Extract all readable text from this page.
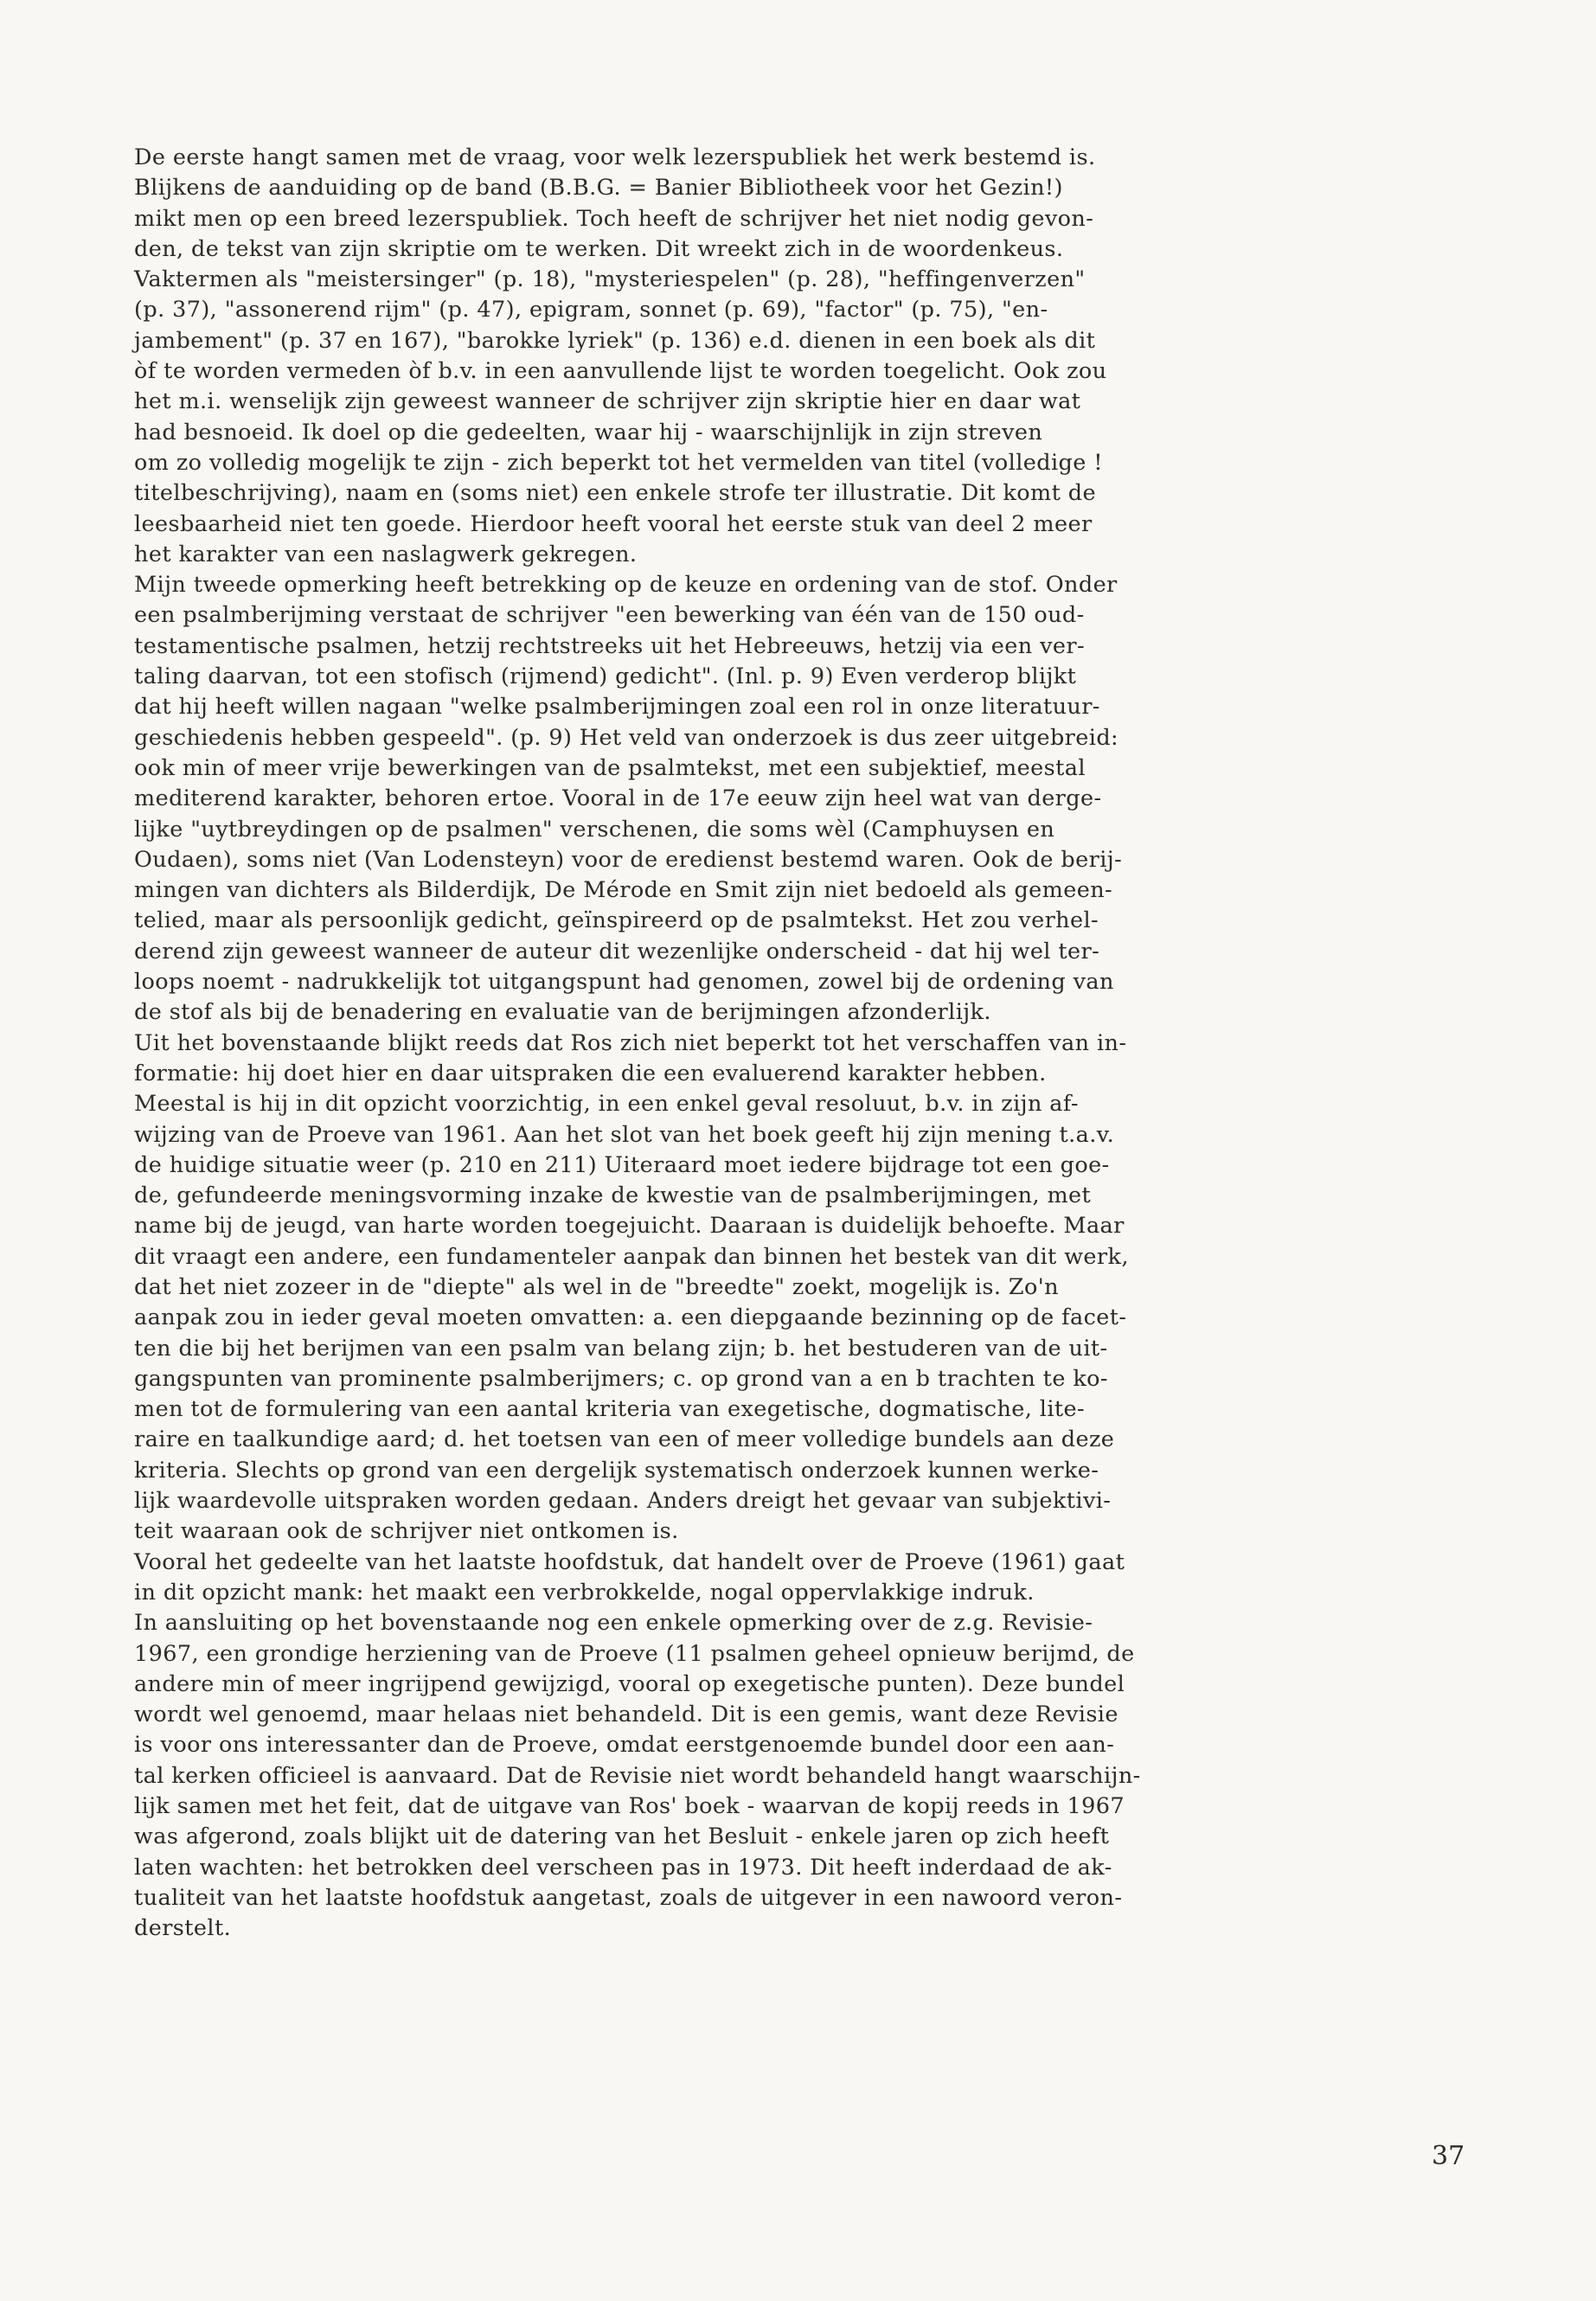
De eerste hangt samen met de vraag, voor welk lezerspubliek het werk bestemd is.
Blijkens de aanduiding op de band (B.B.G. = Banier Bibliotheek voor het Gezin!)
mikt men op een breed lezerspubliek. Toch heeft de schrijver het niet nodig gevon-
den, de tekst van zijn skriptie om te werken. Dit wreekt zich in de woordenkeus.
Vaktermen als "meistersinger" (p. 18), "mysteriespelen" (p. 28), "heffingenverzen"
(p. 37), "assonerend rijm" (p. 47), epigram, sonnet (p. 69), "factor" (p. 75), "en-
jambement" (p. 37 en 167), "barokke lyriek" (p. 136) e.d. dienen in een boek als dit
òf te worden vermeden òf b.v. in een aanvullende lijst te worden toegelicht. Ook zou
het m.i. wenselijk zijn geweest wanneer de schrijver zijn skriptie hier en daar wat
had besnoeid. Ik doel op die gedeelten, waar hij - waarschijnlijk in zijn streven
om zo volledig mogelijk te zijn - zich beperkt tot het vermelden van titel (volledige !
titelbeschrijving), naam en (soms niet) een enkele strofe ter illustratie. Dit komt de
leesbaarheid niet ten goede. Hierdoor heeft vooral het eerste stuk van deel 2 meer
het karakter van een naslagwerk gekregen.
Mijn tweede opmerking heeft betrekking op de keuze en ordening van de stof. Onder
een psalmberijming verstaat de schrijver "een bewerking van één van de 150 oud-
testamentische psalmen, hetzij rechtstreeks uit het Hebreeuws, hetzij via een ver-
taling daarvan, tot een stofisch (rijmend) gedicht". (Inl. p. 9) Even verderop blijkt
dat hij heeft willen nagaan "welke psalmberijmingen zoal een rol in onze literatuur-
geschiedenis hebben gespeeld". (p. 9) Het veld van onderzoek is dus zeer uitgebreid:
ook min of meer vrije bewerkingen van de psalmtekst, met een subjektief, meestal
mediterend karakter, behoren ertoe. Vooral in de 17e eeuw zijn heel wat van derge-
lijke "uytbreydingen op de psalmen" verschenen, die soms wèl (Camphuysen en
Oudaen), soms niet (Van Lodensteyn) voor de eredienst bestemd waren. Ook de berij-
mingen van dichters als Bilderdijk, De Mérode en Smit zijn niet bedoeld als gemeen-
telied, maar als persoonlijk gedicht, geïnspireerd op de psalmtekst. Het zou verhel-
derend zijn geweest wanneer de auteur dit wezenlijke onderscheid - dat hij wel ter-
loops noemt - nadrukkelijk tot uitgangspunt had genomen, zowel bij de ordening van
de stof als bij de benadering en evaluatie van de berijmingen afzonderlijk.
Uit het bovenstaande blijkt reeds dat Ros zich niet beperkt tot het verschaffen van in-
formatie: hij doet hier en daar uitspraken die een evaluerend karakter hebben.
Meestal is hij in dit opzicht voorzichtig, in een enkel geval resoluut, b.v. in zijn af-
wijzing van de Proeve van 1961. Aan het slot van het boek geeft hij zijn mening t.a.v.
de huidige situatie weer (p. 210 en 211) Uiteraard moet iedere bijdrage tot een goe-
de, gefundeerde meningsvorming inzake de kwestie van de psalmberijmingen, met
name bij de jeugd, van harte worden toegejuicht. Daaraan is duidelijk behoefte. Maar
dit vraagt een andere, een fundamenteler aanpak dan binnen het bestek van dit werk,
dat het niet zozeer in de "diepte" als wel in de "breedte" zoekt, mogelijk is. Zo'n
aanpak zou in ieder geval moeten omvatten: a. een diepgaande bezinning op de facet-
ten die bij het berijmen van een psalm van belang zijn; b. het bestuderen van de uit-
gangspunten van prominente psalmberijmers; c. op grond van a en b trachten te ko-
men tot de formulering van een aantal kriteria van exegetische, dogmatische, lite-
raire en taalkundige aard; d. het toetsen van een of meer volledige bundels aan deze
kriteria. Slechts op grond van een dergelijk systematisch onderzoek kunnen werke-
lijk waardevolle uitspraken worden gedaan. Anders dreigt het gevaar van subjektivi-
teit waaraan ook de schrijver niet ontkomen is.
Vooral het gedeelte van het laatste hoofdstuk, dat handelt over de Proeve (1961) gaat
in dit opzicht mank: het maakt een verbrokkelde, nogal oppervlakkige indruk.
In aansluiting op het bovenstaande nog een enkele opmerking over de z.g. Revisie-
1967, een grondige herziening van de Proeve (11 psalmen geheel opnieuw berijmd, de
andere min of meer ingrijpend gewijzigd, vooral op exegetische punten). Deze bundel
wordt wel genoemd, maar helaas niet behandeld. Dit is een gemis, want deze Revisie
is voor ons interessanter dan de Proeve, omdat eerstgenoemde bundel door een aan-
tal kerken officieel is aanvaard. Dat de Revisie niet wordt behandeld hangt waarschijn-
lijk samen met het feit, dat de uitgave van Ros' boek - waarvan de kopij reeds in 1967
was afgerond, zoals blijkt uit de datering van het Besluit - enkele jaren op zich heeft
laten wachten: het betrokken deel verscheen pas in 1973. Dit heeft inderdaad de ak-
tualiteit van het laatste hoofdstuk aangetast, zoals de uitgever in een nawoord veron-
derstelt.
37
